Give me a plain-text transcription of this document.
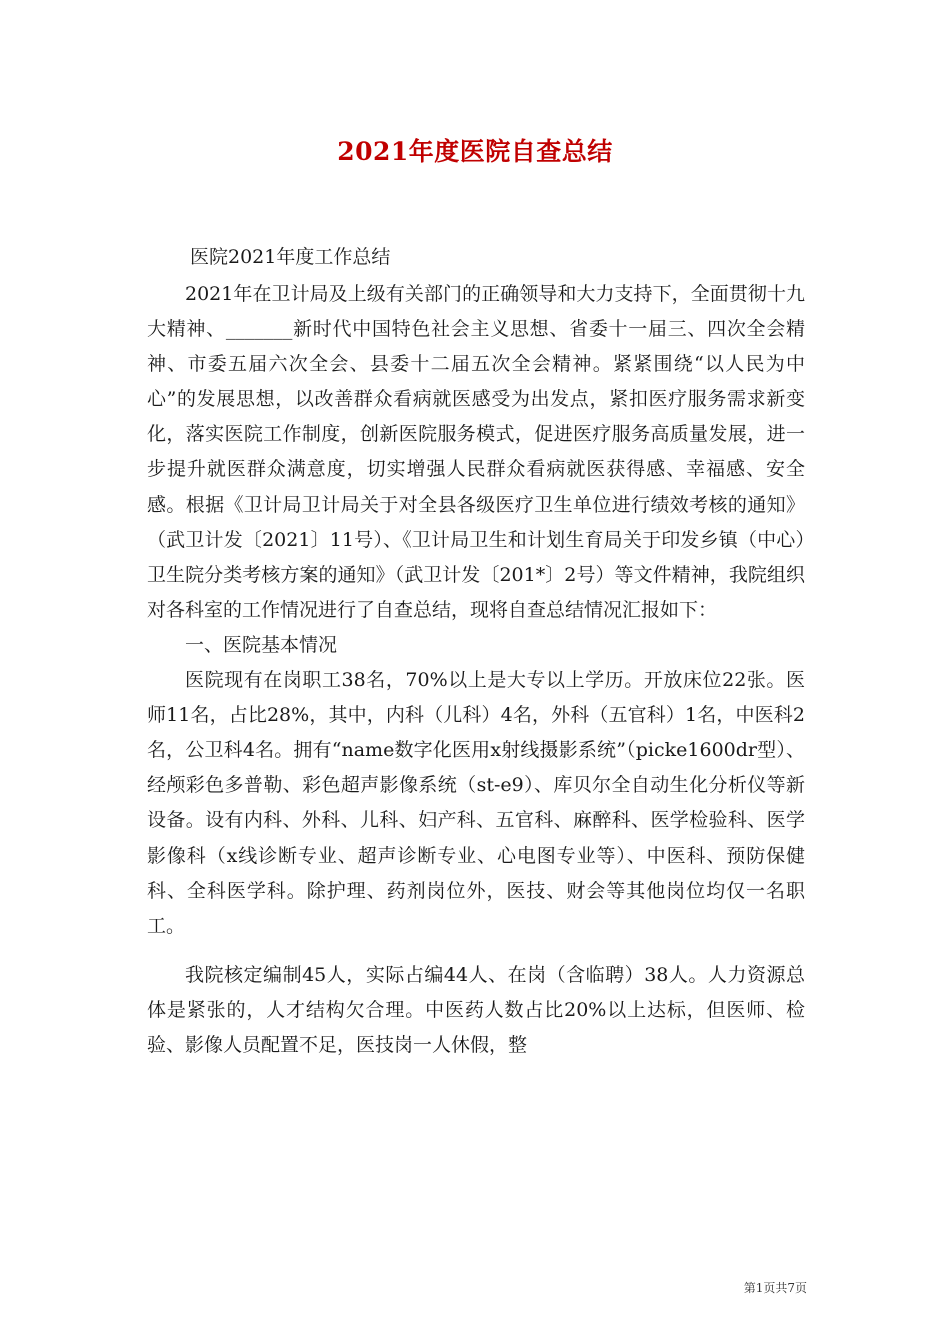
2021年度医院自查总结
医院2021年度工作总结

2021年在卫计局及上级有关部门的正确领导和大力支持下，全面贯彻十九大精神、_______新时代中国特色社会主义思想、省委十一届三、四次全会精神、市委五届六次全会、县委十二届五次全会精神。紧紧围绕“以人民为中心”的发展思想，以改善群众看病就医感受为出发点，紧扣医疗服务需求新变化，落实医院工作制度，创新医院服务模式，促进医疗服务高质量发展，进一步提升就医群众满意度，切实增强人民群众看病就医获得感、幸福感、安全感。根据《卫计局卫计局关于对全县各级医疗卫生单位进行绩效考核的通知》（武卫计发〔2021〕11号）、《卫计局卫生和计划生育局关于印发乡镇（中心）卫生院分类考核方案的通知》（武卫计发〔201*〕2号）等文件精神，我院组织对各科室的工作情况进行了自查总结，现将自查总结情况汇报如下：

一、医院基本情况

医院现有在岗职工38名，70%以上是大专以上学历。开放床位22张。医师11名，占比28%，其中，内科（儿科）4名，外科（五官科）1名，中医科2名，公卫科4名。拥有“name数字化医用x射线摄影系统”（picke1600dr型）、经颅彩色多普勒、彩色超声影像系统（st-e9）、库贝尔全自动生化分析仪等新设备。设有内科、外科、儿科、妇产科、五官科、麻醉科、医学检验科、医学影像科（x线诊断专业、超声诊断专业、心电图专业等）、中医科、预防保健科、全科医学科。除护理、药剂岗位外，医技、财会等其他岗位均仅一名职工。

我院核定编制45人，实际占编44人、在岗（含临聘）38人。人力资源总体是紧张的，人才结构欠合理。中医药人数占比20%以上达标，但医师、检验、影像人员配置不足，医技岗一人休假，整

第1页共7页
